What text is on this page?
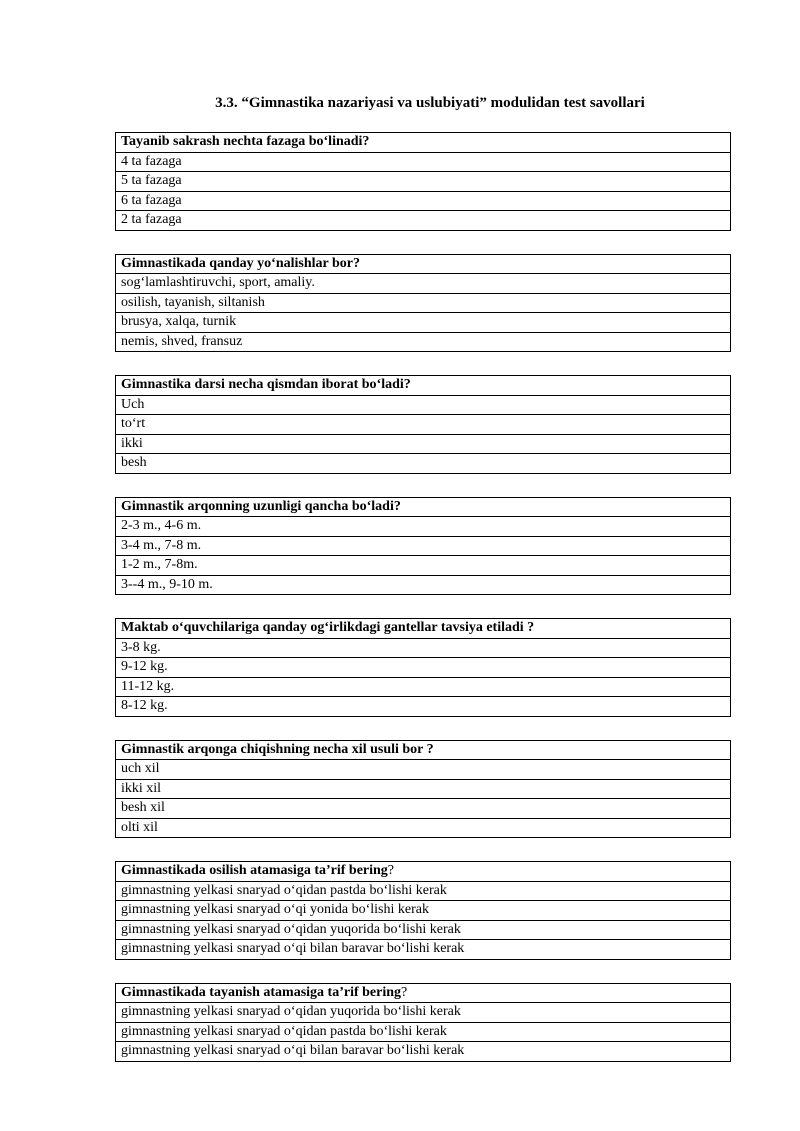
3.3. “Gimnastika nazariyasi va uslubiyati” modulidan test savollari
Tayanib sakrash nechta fazaga bo‘linadi?
4 ta fazaga
5 ta fazaga
6 ta fazaga
2 ta fazaga
Gimnastikada qanday yo‘nalishlar bor?
sog‘lamlashtiruvchi, sport, amaliy.
osilish, tayanish, siltanish
brusya, xalqa, turnik
nemis, shved, fransuz
Gimnastika darsi necha qismdan iborat bo‘ladi?
Uch
to‘rt
ikki
besh
Gimnastik arqonning uzunligi qancha bo‘ladi?
2-3 m., 4-6 m.
3-4 m., 7-8 m.
1-2 m., 7-8m.
3--4 m., 9-10 m.
Maktab o‘quvchilariga qanday og‘irlikdagi gantellar tavsiya etiladi ?
3-8 kg.
9-12 kg.
11-12 kg.
8-12 kg.
Gimnastik arqonga chiqishning necha xil usuli bor ?
uch xil
ikki xil
besh xil
olti xil
Gimnastikada osilish atamasiga ta’rif bering?
gimnastning yelkasi snaryad o‘qidan pastda bo‘lishi kerak
gimnastning yelkasi snaryad o‘qi yonida bo‘lishi kerak
gimnastning yelkasi snaryad o‘qidan yuqorida bo‘lishi kerak
gimnastning yelkasi snaryad o‘qi bilan baravar bo‘lishi kerak
Gimnastikada tayanish atamasiga ta’rif bering?
gimnastning yelkasi snaryad o‘qidan yuqorida bo‘lishi kerak
gimnastning yelkasi snaryad o‘qidan pastda bo‘lishi kerak
gimnastning yelkasi snaryad o‘qi bilan baravar bo‘lishi kerak
